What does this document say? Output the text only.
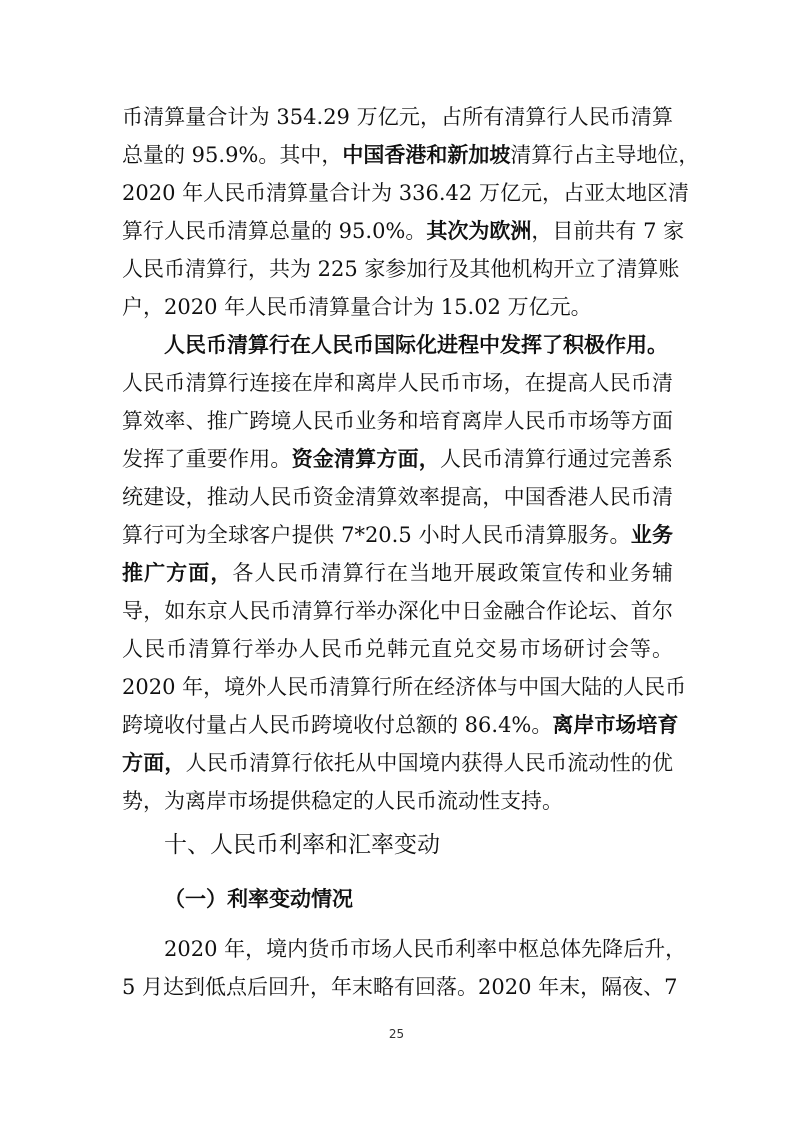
币清算量合计为 354.29 万亿元，占所有清算行人民币清算
总量的 95.9%。其中，中国香港和新加坡清算行占主导地位，
2020 年人民币清算量合计为 336.42 万亿元，占亚太地区清
算行人民币清算总量的 95.0%。其次为欧洲，目前共有 7 家
人民币清算行，共为 225 家参加行及其他机构开立了清算账
户，2020 年人民币清算量合计为 15.02 万亿元。
人民币清算行在人民币国际化进程中发挥了积极作用。
人民币清算行连接在岸和离岸人民币市场，在提高人民币清
算效率、推广跨境人民币业务和培育离岸人民币市场等方面
发挥了重要作用。资金清算方面，人民币清算行通过完善系
统建设，推动人民币资金清算效率提高，中国香港人民币清
算行可为全球客户提供 7*20.5 小时人民币清算服务。业务
推广方面，各人民币清算行在当地开展政策宣传和业务辅
导，如东京人民币清算行举办深化中日金融合作论坛、首尔
人民币清算行举办人民币兑韩元直兑交易市场研讨会等。
2020 年，境外人民币清算行所在经济体与中国大陆的人民币
跨境收付量占人民币跨境收付总额的 86.4%。离岸市场培育
方面，人民币清算行依托从中国境内获得人民币流动性的优
势，为离岸市场提供稳定的人民币流动性支持。
十、人民币利率和汇率变动
（一）利率变动情况
2020 年，境内货币市场人民币利率中枢总体先降后升，
5 月达到低点后回升，年末略有回落。2020 年末，隔夜、7
25
